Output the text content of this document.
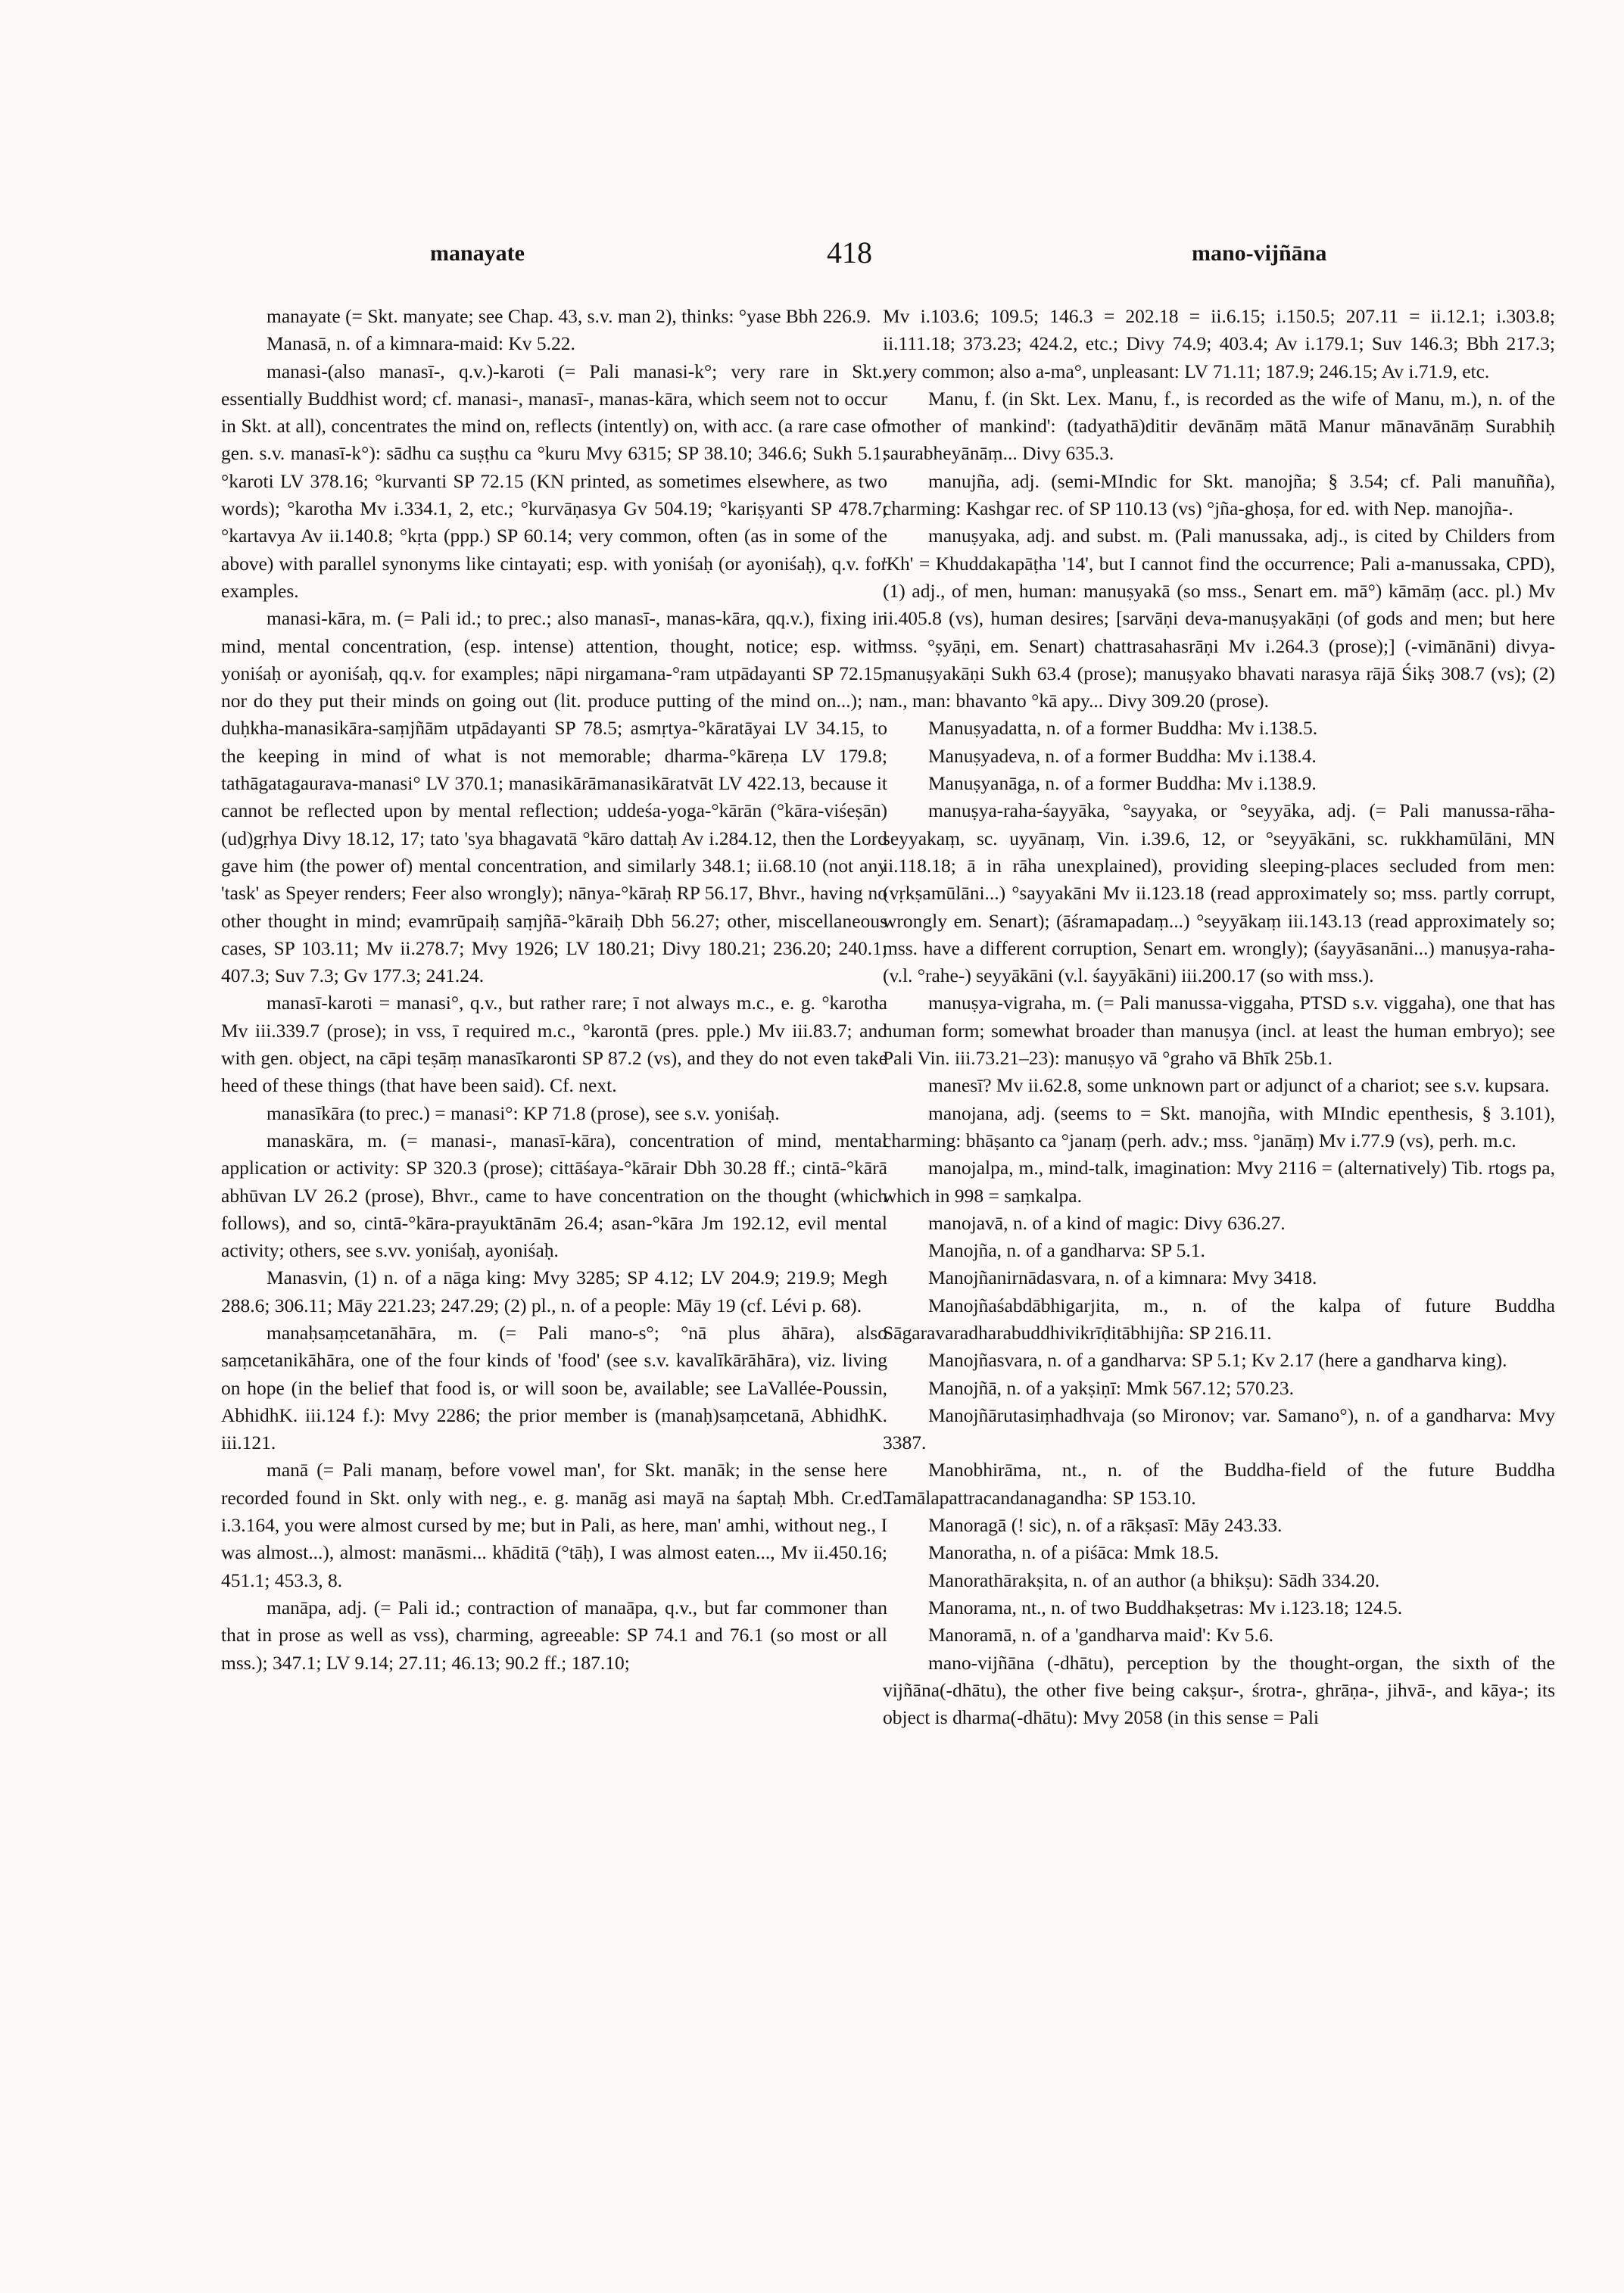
manayate	418	mano-vijñāna

manayate (= Skt. manyate; see Chap. 43, s.v. man 2), thinks: °yase Bbh 226.9.

Manasā, n. of a kimnara-maid: Kv 5.22.

manasi-(also manasī-, q.v.)-karoti (= Pali manasi-k°; very rare in Skt., essentially Buddhist word; cf. manasi-, manasī-, manas-kāra, which seem not to occur in Skt. at all), concentrates the mind on, reflects (intently) on, with acc. (a rare case of gen. s.v. manasī-k°): sādhu ca suṣṭhu ca °kuru Mvy 6315; SP 38.10; 346.6; Sukh 5.1; °karoti LV 378.16; °kurvanti SP 72.15 (KN printed, as sometimes elsewhere, as two words); °karotha Mv i.334.1, 2, etc.; °kurvāṇasya Gv 504.19; °kariṣyanti SP 478.7; °kartavya Av ii.140.8; °kṛta (ppp.) SP 60.14; very common, often (as in some of the above) with parallel synonyms like cintayati; esp. with yoniśaḥ (or ayoniśaḥ), q.v. for examples.

manasi-kāra, m. (= Pali id.; to prec.; also manasī-, manas-kāra, qq.v.), fixing in mind, mental concentration, (esp. intense) attention, thought, notice; esp. with yoniśaḥ or ayoniśaḥ, qq.v. for examples; nāpi nirgamana-°ram utpādayanti SP 72.15, nor do they put their minds on going out (lit. produce putting of the mind on...); na duḥkha-manasikāra-saṃjñām utpādayanti SP 78.5; asmṛtya-°kāratāyai LV 34.15, to the keeping in mind of what is not memorable; dharma-°kāreṇa LV 179.8; tathāgatagaurava-manasi° LV 370.1; manasikārāmanasikāratvāt LV 422.13, because it cannot be reflected upon by mental reflection; uddeśa-yoga-°kārān (°kāra-viśeṣān) (ud)gṛhya Divy 18.12, 17; tato 'sya bhagavatā °kāro dattaḥ Av i.284.12, then the Lord gave him (the power of) mental concentration, and similarly 348.1; ii.68.10 (not any 'task' as Speyer renders; Feer also wrongly); nānya-°kāraḥ RP 56.17, Bhvr., having no other thought in mind; evamrūpaiḥ saṃjñā-°kāraiḥ Dbh 56.27; other, miscellaneous cases, SP 103.11; Mv ii.278.7; Mvy 1926; LV 180.21; Divy 180.21; 236.20; 240.1; 407.3; Suv 7.3; Gv 177.3; 241.24.

manasī-karoti = manasi°, q.v., but rather rare; ī not always m.c., e. g. °karotha Mv iii.339.7 (prose); in vss, ī required m.c., °karontā (pres. pple.) Mv iii.83.7; and with gen. object, na cāpi teṣāṃ manasīkaronti SP 87.2 (vs), and they do not even take heed of these things (that have been said). Cf. next.

manasīkāra (to prec.) = manasi°: KP 71.8 (prose), see s.v. yoniśaḥ.

manaskāra, m. (= manasi-, manasī-kāra), concentration of mind, mental application or activity: SP 320.3 (prose); cittāśaya-°kārair Dbh 30.28 ff.; cintā-°kārā abhūvan LV 26.2 (prose), Bhvr., came to have concentration on the thought (which follows), and so, cintā-°kāra-prayuktānām 26.4; asan-°kāra Jm 192.12, evil mental activity; others, see s.vv. yoniśaḥ, ayoniśaḥ.

Manasvin, (1) n. of a nāga king: Mvy 3285; SP 4.12; LV 204.9; 219.9; Megh 288.6; 306.11; Māy 221.23; 247.29; (2) pl., n. of a people: Māy 19 (cf. Lévi p. 68).

manaḥsaṃcetanāhāra, m. (= Pali mano-s°; °nā plus āhāra), also saṃcetanikāhāra, one of the four kinds of 'food' (see s.v. kavalīkārāhāra), viz. living on hope (in the belief that food is, or will soon be, available; see LaVallée-Poussin, AbhidhK. iii.124 f.): Mvy 2286; the prior member is (manaḥ)saṃcetanā, AbhidhK. iii.121.

manā (= Pali manaṃ, before vowel man', for Skt. manāk; in the sense here recorded found in Skt. only with neg., e. g. manāg asi mayā na śaptaḥ Mbh. Cr.ed. i.3.164, you were almost cursed by me; but in Pali, as here, man' amhi, without neg., I was almost...), almost: manāsmi... khāditā (°tāḥ), I was almost eaten..., Mv ii.450.16; 451.1; 453.3, 8.

manāpa, adj. (= Pali id.; contraction of manaāpa, q.v., but far commoner than that in prose as well as vss), charming, agreeable: SP 74.1 and 76.1 (so most or all mss.); 347.1; LV 9.14; 27.11; 46.13; 90.2 ff.; 187.10;

Mv i.103.6; 109.5; 146.3 = 202.18 = ii.6.15; i.150.5; 207.11 = ii.12.1; i.303.8; ii.111.18; 373.23; 424.2, etc.; Divy 74.9; 403.4; Av i.179.1; Suv 146.3; Bbh 217.3; very common; also a-ma°, unpleasant: LV 71.11; 187.9; 246.15; Av i.71.9, etc.

Manu, f. (in Skt. Lex. Manu, f., is recorded as the wife of Manu, m.), n. of the 'mother of mankind': (tadyathā)ditir devānāṃ mātā Manur mānavānāṃ Surabhiḥ saurabheyānāṃ... Divy 635.3.

manujña, adj. (semi-MIndic for Skt. manojña; § 3.54; cf. Pali manuñña), charming: Kashgar rec. of SP 110.13 (vs) °jña-ghoṣa, for ed. with Nep. manojña-.

manuṣyaka, adj. and subst. m. (Pali manussaka, adj., is cited by Childers from 'Kh' = Khuddakapāṭha '14', but I cannot find the occurrence; Pali a-manussaka, CPD), (1) adj., of men, human: manuṣyakā (so mss., Senart em. mā°) kāmāṃ (acc. pl.) Mv ii.405.8 (vs), human desires; [sarvāṇi deva-manuṣyakāṇi (of gods and men; but here mss. °ṣyāṇi, em. Senart) chattrasahasrāṇi Mv i.264.3 (prose);] (-vimānāni) divya-manuṣyakāṇi Sukh 63.4 (prose); manuṣyako bhavati narasya rājā Śikṣ 308.7 (vs); (2) m., man: bhavanto °kā apy... Divy 309.20 (prose).

Manuṣyadatta, n. of a former Buddha: Mv i.138.5.

Manuṣyadeva, n. of a former Buddha: Mv i.138.4.

Manuṣyanāga, n. of a former Buddha: Mv i.138.9.

manuṣya-raha-śayyāka, °sayyaka, or °seyyāka, adj. (= Pali manussa-rāha-seyyakaṃ, sc. uyyānaṃ, Vin. i.39.6, 12, or °seyyākāni, sc. rukkhamūlāni, MN ii.118.18; ā in rāha unexplained), providing sleeping-places secluded from men: (vṛkṣamūlāni...) °sayyakāni Mv ii.123.18 (read approximately so; mss. partly corrupt, wrongly em. Senart); (āśramapadaṃ...) °seyyākaṃ iii.143.13 (read approximately so; mss. have a different corruption, Senart em. wrongly); (śayyāsanāni...) manuṣya-raha-(v.l. °rahe-) seyyākāni (v.l. śayyākāni) iii.200.17 (so with mss.).

manuṣya-vigraha, m. (= Pali manussa-viggaha, PTSD s.v. viggaha), one that has human form; somewhat broader than manuṣya (incl. at least the human embryo); see Pali Vin. iii.73.21–23): manuṣyo vā °graho vā Bhīk 25b.1.

manesī? Mv ii.62.8, some unknown part or adjunct of a chariot; see s.v. kupsara.

manojana, adj. (seems to = Skt. manojña, with MIndic epenthesis, § 3.101), charming: bhāṣanto ca °janaṃ (perh. adv.; mss. °janāṃ) Mv i.77.9 (vs), perh. m.c.

manojalpa, m., mind-talk, imagination: Mvy 2116 = (alternatively) Tib. rtogs pa, which in 998 = saṃkalpa.

manojavā, n. of a kind of magic: Divy 636.27.

Manojña, n. of a gandharva: SP 5.1.

Manojñanirnādasvara, n. of a kimnara: Mvy 3418.

Manojñaśabdābhigarjita, m., n. of the kalpa of future Buddha Sāgaravaradharabuddhivikrīḍitābhijña: SP 216.11.

Manojñasvara, n. of a gandharva: SP 5.1; Kv 2.17 (here a gandharva king).

Manojñā, n. of a yakṣiṇī: Mmk 567.12; 570.23.

Manojñārutasiṃhadhvaja (so Mironov; var. Samano°), n. of a gandharva: Mvy 3387.

Manobhirāma, nt., n. of the Buddha-field of the future Buddha Tamālapattracandanagandha: SP 153.10.

Manoragā (! sic), n. of a rākṣasī: Māy 243.33.

Manoratha, n. of a piśāca: Mmk 18.5.

Manorathārakṣita, n. of an author (a bhikṣu): Sādh 334.20.

Manorama, nt., n. of two Buddhakṣetras: Mv i.123.18; 124.5.

Manoramā, n. of a 'gandharva maid': Kv 5.6.

mano-vijñāna (-dhātu), perception by the thought-organ, the sixth of the vijñāna(-dhātu), the other five being cakṣur-, śrotra-, ghrāṇa-, jihvā-, and kāya-; its object is dharma(-dhātu): Mvy 2058 (in this sense = Pali
